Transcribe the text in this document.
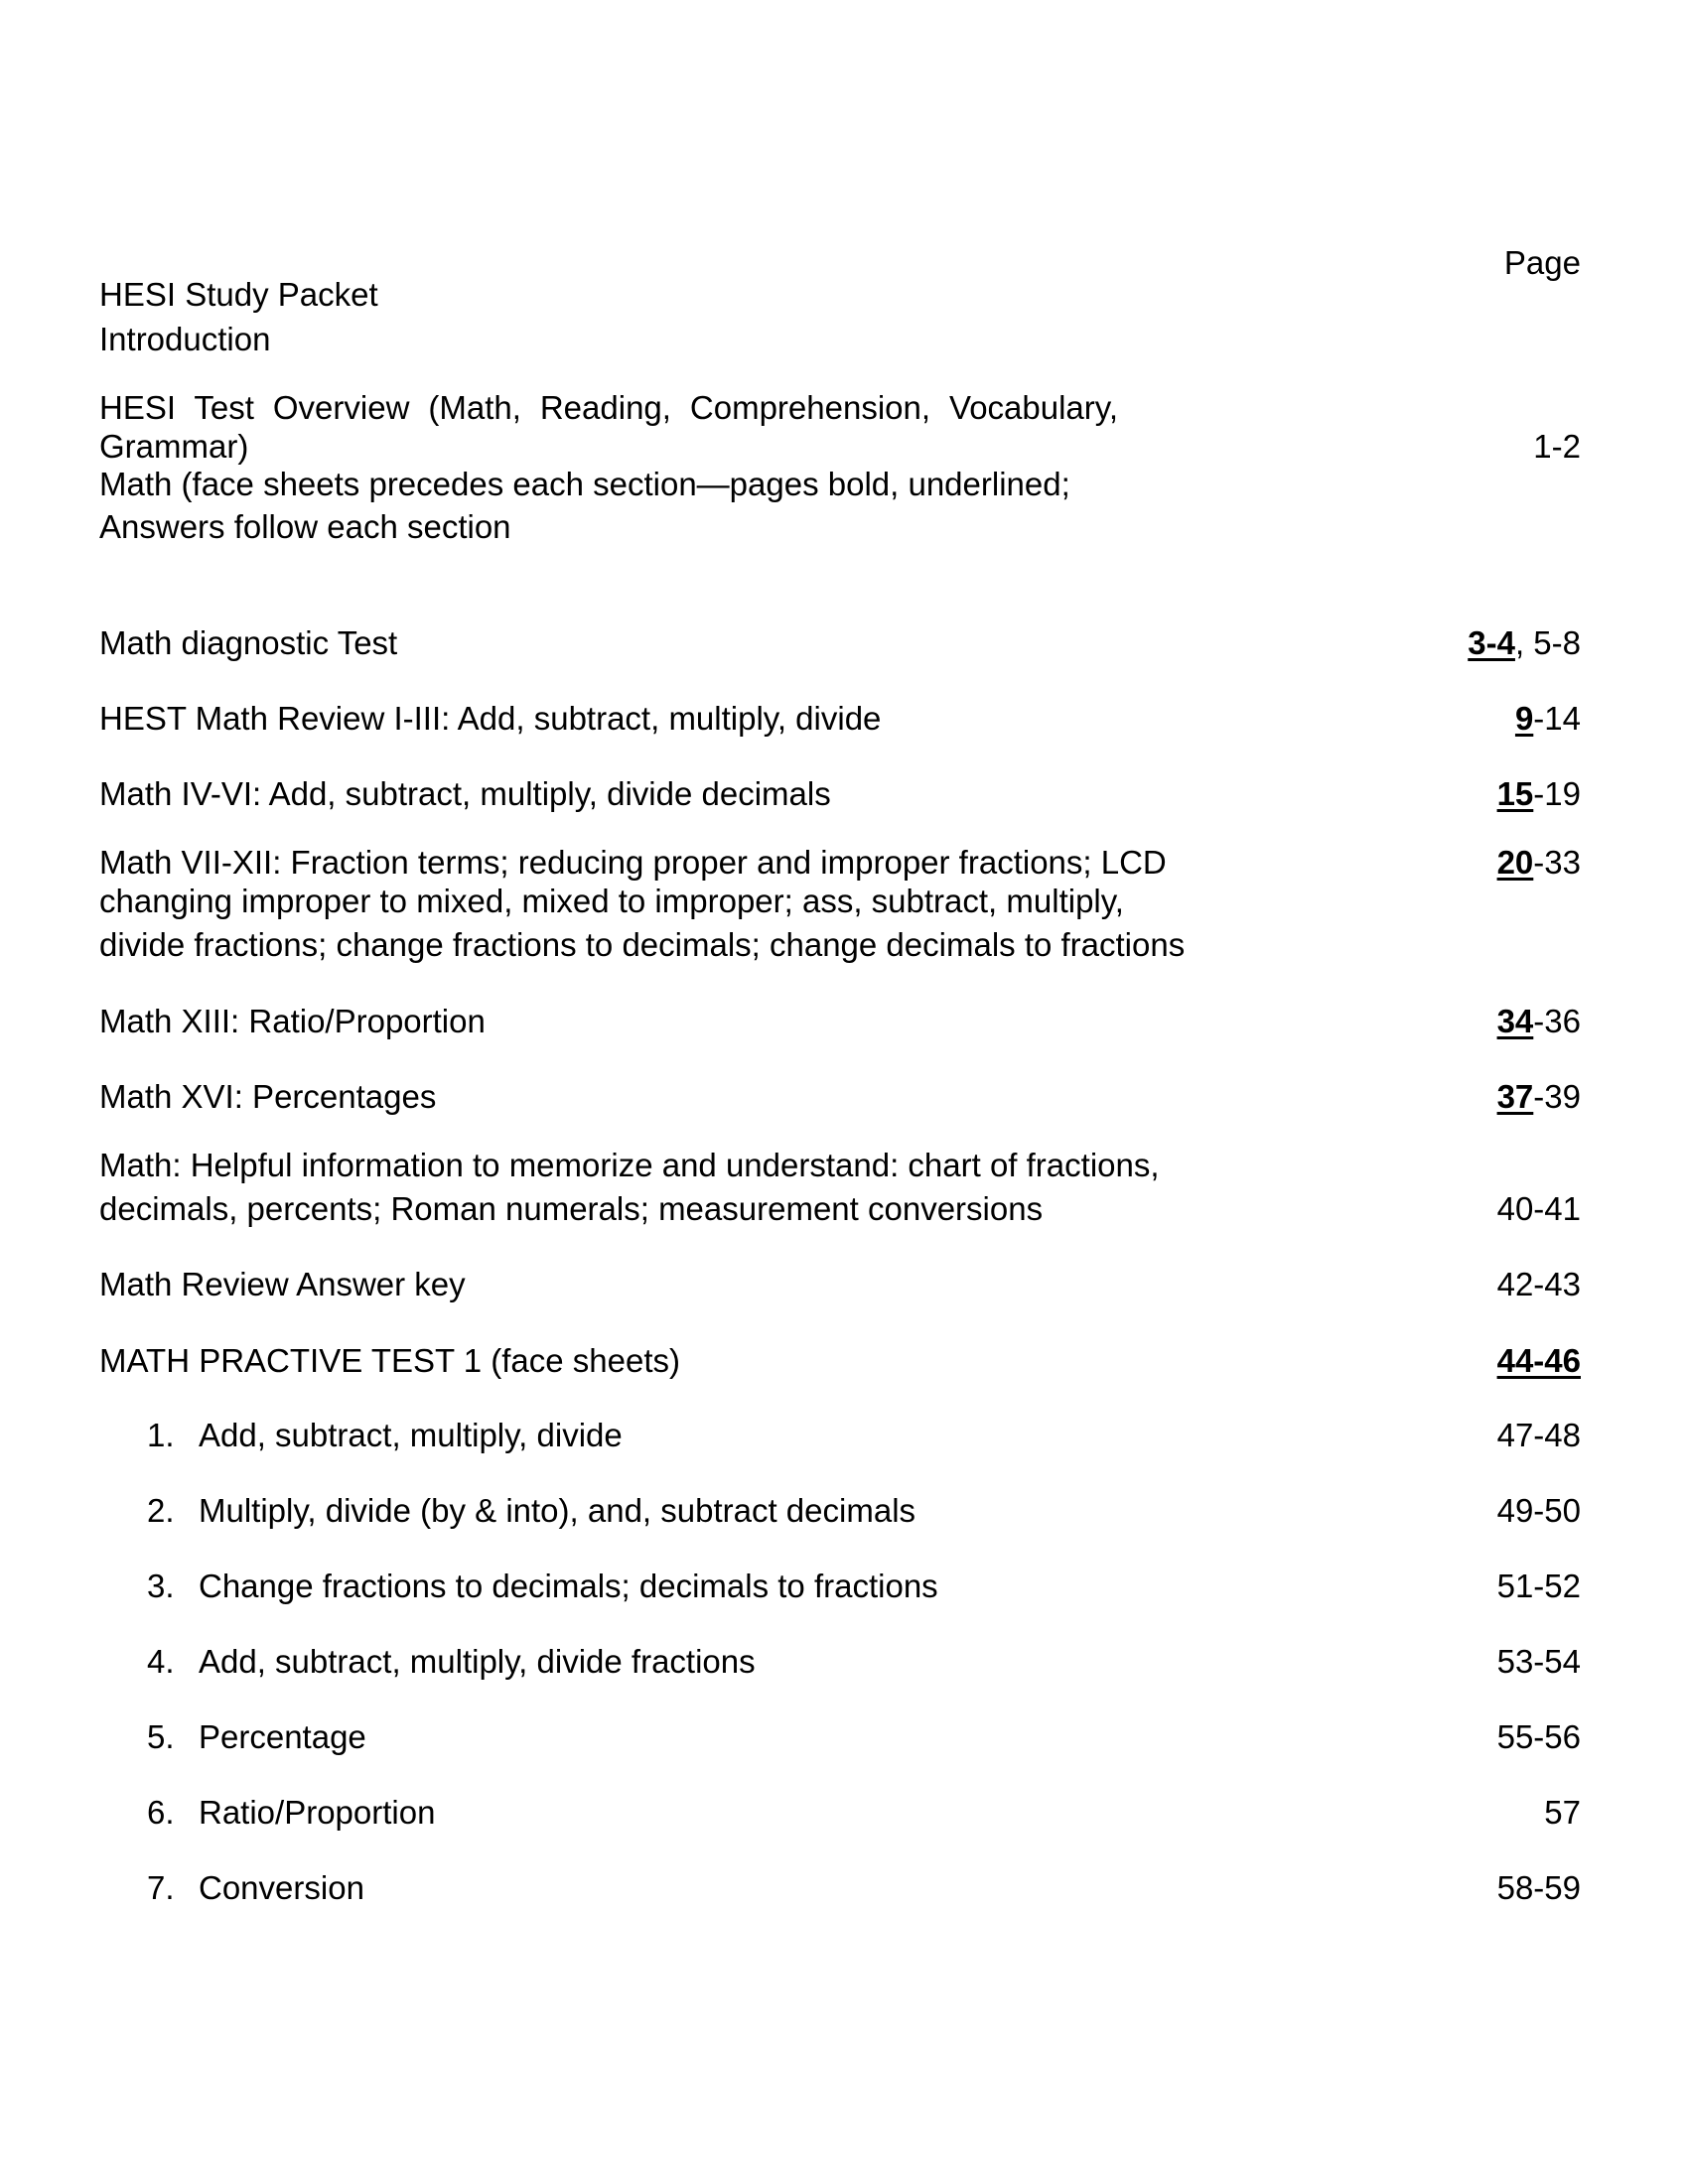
Page
HESI Study Packet
Introduction
HESI Test Overview (Math, Reading, Comprehension, Vocabulary,
Grammar)	1-2
Math (face sheets precedes each section—pages bold, underlined;
Answers follow each section
Math diagnostic Test	3-4, 5-8
HEST Math Review I-III: Add, subtract, multiply, divide	9-14
Math IV-VI: Add, subtract, multiply, divide decimals	15-19
Math VII-XII: Fraction terms; reducing proper and improper fractions; LCD	20-33
changing improper to mixed, mixed to improper; ass, subtract, multiply,
divide fractions; change fractions to decimals; change decimals to fractions
Math XIII: Ratio/Proportion	34-36
Math XVI: Percentages	37-39
Math: Helpful information to memorize and understand: chart of fractions,
decimals, percents; Roman numerals; measurement conversions	40-41
Math Review Answer key	42-43
MATH PRACTIVE TEST 1 (face sheets)	44-46
1. Add, subtract, multiply, divide	47-48
2. Multiply, divide (by & into), and, subtract decimals	49-50
3. Change fractions to decimals; decimals to fractions	51-52
4. Add, subtract, multiply, divide fractions	53-54
5. Percentage	55-56
6. Ratio/Proportion	57
7. Conversion	58-59
